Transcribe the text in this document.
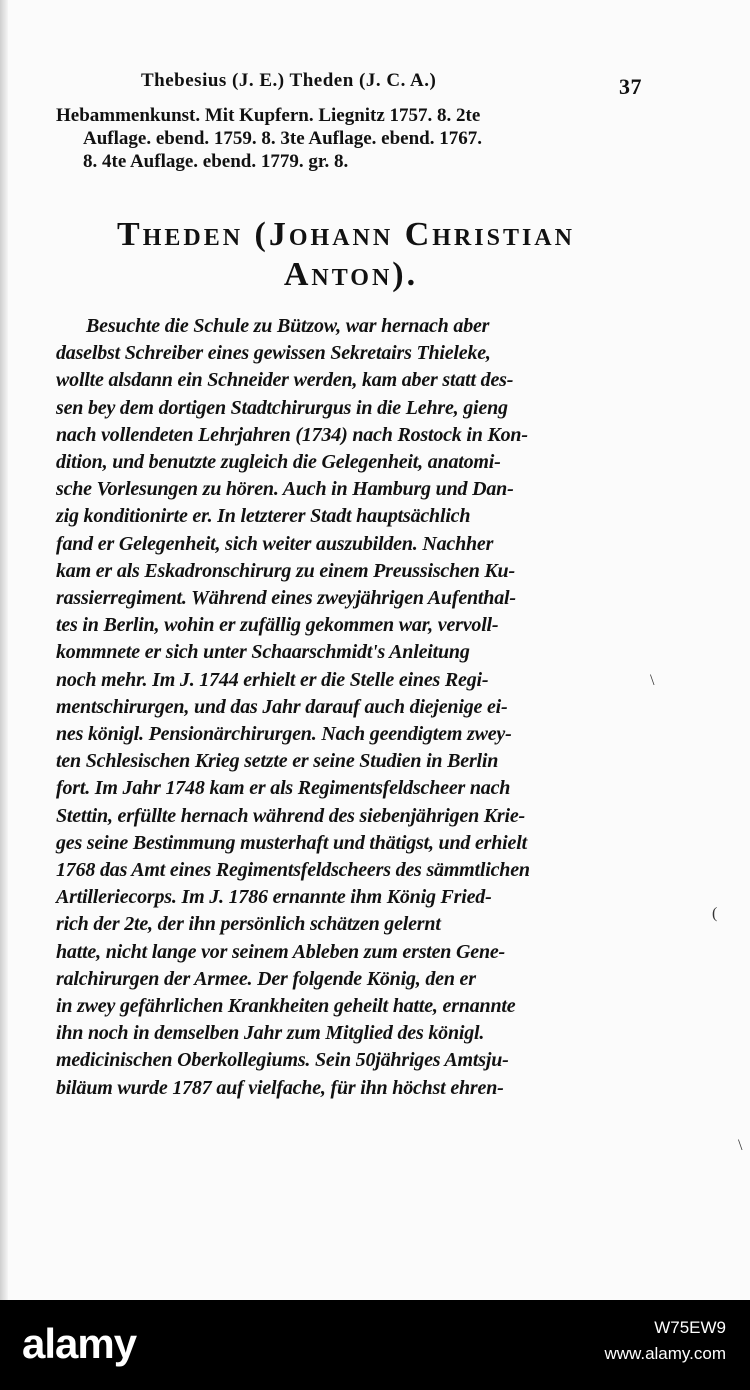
Thebesius (J. E.) Theden (J. C. A.)	37
Hebammenkunst. Mit Kupfern. Liegnitz 1757. 8. 2te
Auflage. ebend. 1759. 8. 3te Auflage. ebend. 1767.
8. 4te Auflage. ebend. 1779. gr. 8.
Theden (Johann Christian
Anton).
Besuchte die Schule zu Bützow, war hernach aber
daselbst Schreiber eines gewissen Sekretairs Thieleke,
wollte alsdann ein Schneider werden, kam aber statt des-
sen bey dem dortigen Stadtchirurgus in die Lehre, gieng
nach vollendeten Lehrjahren (1734) nach Rostock in Kon-
dition, und benutzte zugleich die Gelegenheit, anatomi-
sche Vorlesungen zu hören. Auch in Hamburg und Dan-
zig konditionirte er. In letzterer Stadt hauptsächlich
fand er Gelegenheit, sich weiter auszubilden. Nachher
kam er als Eskadronschirurg zu einem Preussischen Ku-
rassierregiment. Während eines zweyjährigen Aufenthal-
tes in Berlin, wohin er zufällig gekommen war, vervoll-
kommnete er sich unter Schaarschmidt's Anleitung
noch mehr. Im J. 1744 erhielt er die Stelle eines Regi-
mentschirurgen, und das Jahr darauf auch diejenige ei-
nes königl. Pensionärchirurgen. Nach geendigtem zwey-
ten Schlesischen Krieg setzte er seine Studien in Berlin
fort. Im Jahr 1748 kam er als Regimentsfeldscheer nach
Stettin, erfüllte hernach während des siebenjährigen Krie-
ges seine Bestimmung musterhaft und thätigst, und erhielt
1768 das Amt eines Regimentsfeldscheers des sämmtlichen
Artilleriecorps. Im J. 1786 ernannte ihm König Fried-
rich der 2te, der ihn persönlich schätzen gelernt
hatte, nicht lange vor seinem Ableben zum ersten Gene-
ralchirurgen der Armee. Der folgende König, den er
in zwey gefährlichen Krankheiten geheilt hatte, ernannte
ihn noch in demselben Jahr zum Mitglied des königl.
medicinischen Oberkollegiums. Sein 50jähriges Amtsju-
biläum wurde 1787 auf vielfache, für ihn höchst ehren-
\
(
\
alamy	W75EW9
www.alamy.com
